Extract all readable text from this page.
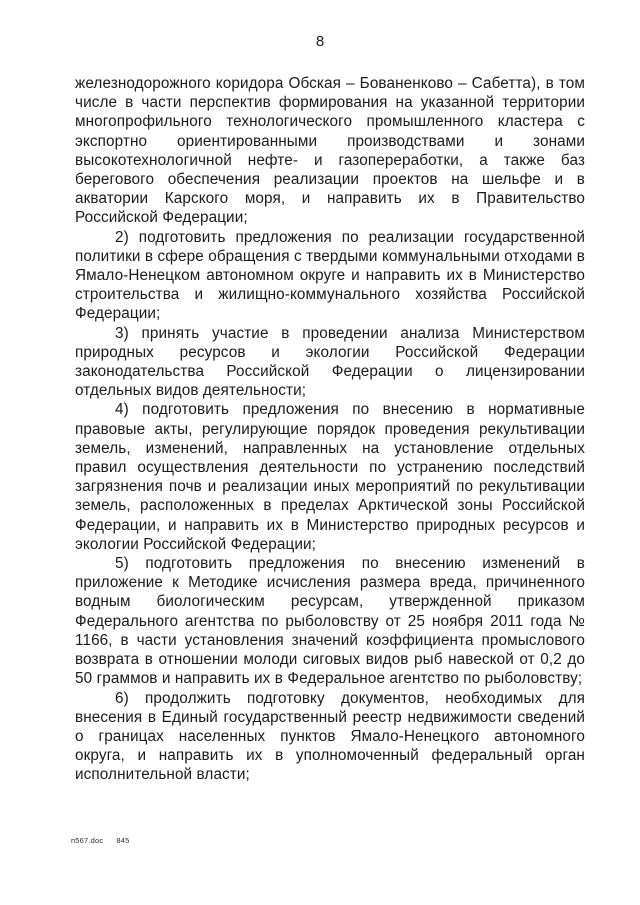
8

железнодорожного коридора Обская – Бованенково – Сабетта), в том числе в части перспектив формирования на указанной территории многопрофильного технологического промышленного кластера с экспортно ориентированными производствами и зонами высокотехнологичной нефте- и газопереработки, а также баз берегового обеспечения реализации проектов на шельфе и в акватории Карского моря, и направить их в Правительство Российской Федерации;

2) подготовить предложения по реализации государственной политики в сфере обращения с твердыми коммунальными отходами в Ямало-Ненецком автономном округе и направить их в Министерство строительства и жилищно-коммунального хозяйства Российской Федерации;

3) принять участие в проведении анализа Министерством природных ресурсов и экологии Российской Федерации законодательства Российской Федерации о лицензировании отдельных видов деятельности;

4) подготовить предложения по внесению в нормативные правовые акты, регулирующие порядок проведения рекультивации земель, изменений, направленных на установление отдельных правил осуществления деятельности по устранению последствий загрязнения почв и реализации иных мероприятий по рекультивации земель, расположенных в пределах Арктической зоны Российской Федерации, и направить их в Министерство природных ресурсов и экологии Российской Федерации;

5) подготовить предложения по внесению изменений в приложение к Методике исчисления размера вреда, причиненного водным биологическим ресурсам, утвержденной приказом Федерального агентства по рыболовству от 25 ноября 2011 года № 1166, в части установления значений коэффициента промыслового возврата в отношении молоди сиговых видов рыб навеской от 0,2 до 50 граммов и направить их в Федеральное агентство по рыболовству;

6) продолжить подготовку документов, необходимых для внесения в Единый государственный реестр недвижимости сведений о границах населенных пунктов Ямало-Ненецкого автономного округа, и направить их в уполномоченный федеральный орган исполнительной власти;

п567.doc 845
